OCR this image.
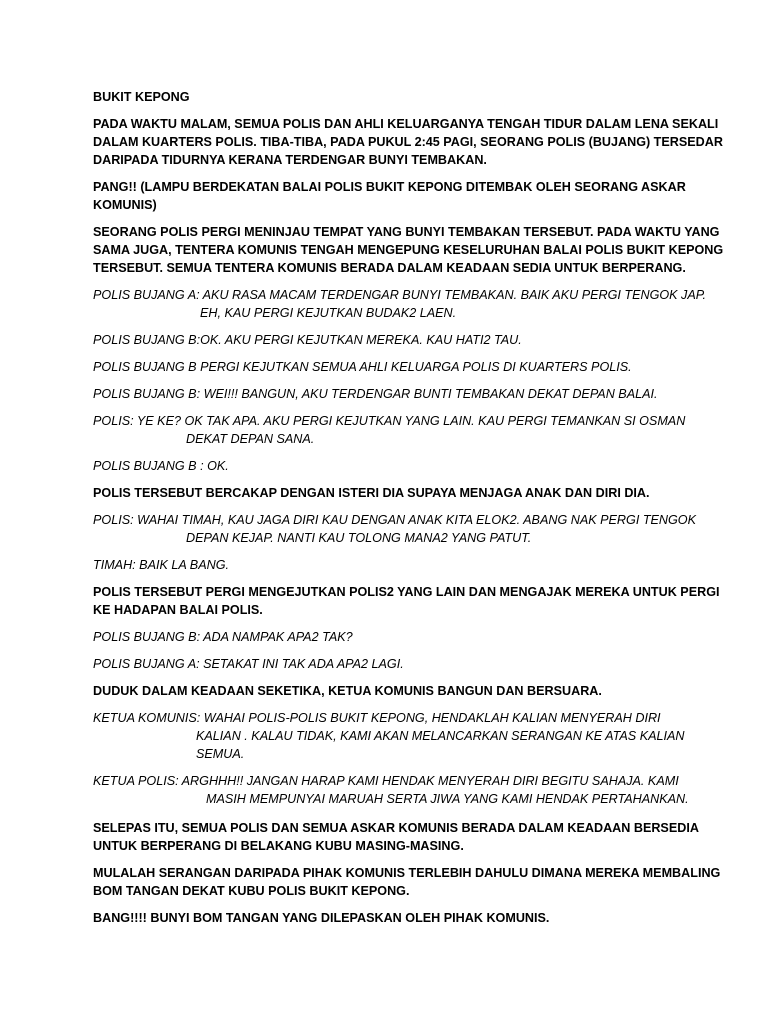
BUKIT KEPONG
PADA WAKTU MALAM, SEMUA POLIS DAN AHLI KELUARGANYA TENGAH TIDUR DALAM LENA SEKALI
DALAM KUARTERS POLIS. TIBA-TIBA, PADA PUKUL 2:45 PAGI, SEORANG POLIS (BUJANG) TERSEDAR
DARIPADA TIDURNYA KERANA TERDENGAR BUNYI TEMBAKAN.
PANG!! (LAMPU BERDEKATAN BALAI POLIS BUKIT KEPONG DITEMBAK OLEH SEORANG ASKAR
KOMUNIS)
SEORANG POLIS PERGI MENINJAU TEMPAT YANG BUNYI TEMBAKAN TERSEBUT. PADA WAKTU YANG
SAMA JUGA, TENTERA KOMUNIS TENGAH MENGEPUNG KESELURUHAN BALAI POLIS BUKIT KEPONG
TERSEBUT. SEMUA TENTERA KOMUNIS BERADA DALAM KEADAAN SEDIA UNTUK BERPERANG.
POLIS BUJANG A: AKU RASA MACAM TERDENGAR BUNYI TEMBAKAN. BAIK AKU PERGI TENGOK JAP.
EH, KAU PERGI KEJUTKAN BUDAK2 LAEN.
POLIS BUJANG B:OK. AKU PERGI KEJUTKAN MEREKA. KAU HATI2 TAU.
POLIS BUJANG B PERGI KEJUTKAN SEMUA AHLI KELUARGA POLIS DI KUARTERS POLIS.
POLIS BUJANG B: WEI!!! BANGUN, AKU TERDENGAR BUNTI TEMBAKAN DEKAT DEPAN BALAI.
POLIS: YE KE? OK TAK APA. AKU PERGI KEJUTKAN YANG LAIN. KAU PERGI TEMANKAN SI OSMAN
DEKAT DEPAN SANA.
POLIS BUJANG B : OK.
POLIS TERSEBUT BERCAKAP DENGAN ISTERI DIA SUPAYA MENJAGA ANAK DAN DIRI DIA.
POLIS: WAHAI TIMAH, KAU JAGA DIRI KAU DENGAN ANAK KITA ELOK2. ABANG NAK PERGI TENGOK
DEPAN KEJAP. NANTI KAU TOLONG MANA2 YANG PATUT.
TIMAH: BAIK LA BANG.
POLIS TERSEBUT PERGI MENGEJUTKAN POLIS2 YANG LAIN DAN MENGAJAK MEREKA UNTUK PERGI
KE HADAPAN BALAI POLIS.
POLIS BUJANG B: ADA NAMPAK APA2 TAK?
POLIS BUJANG A: SETAKAT INI TAK ADA APA2 LAGI.
DUDUK DALAM KEADAAN SEKETIKA, KETUA KOMUNIS BANGUN DAN BERSUARA.
KETUA KOMUNIS: WAHAI POLIS-POLIS BUKIT KEPONG, HENDAKLAH KALIAN MENYERAH DIRI
KALIAN . KALAU TIDAK, KAMI AKAN MELANCARKAN SERANGAN KE ATAS KALIAN
SEMUA.
KETUA POLIS: ARGHHH!! JANGAN HARAP KAMI HENDAK MENYERAH DIRI BEGITU SAHAJA. KAMI
MASIH MEMPUNYAI MARUAH SERTA JIWA YANG KAMI HENDAK PERTAHANKAN.
SELEPAS ITU, SEMUA POLIS DAN SEMUA ASKAR KOMUNIS BERADA DALAM KEADAAN BERSEDIA
UNTUK BERPERANG DI BELAKANG KUBU MASING-MASING.
MULALAH SERANGAN DARIPADA PIHAK KOMUNIS TERLEBIH DAHULU DIMANA MEREKA MEMBALING
BOM TANGAN DEKAT KUBU POLIS BUKIT KEPONG.
BANG!!!! BUNYI BOM TANGAN YANG DILEPASKAN OLEH PIHAK KOMUNIS.
